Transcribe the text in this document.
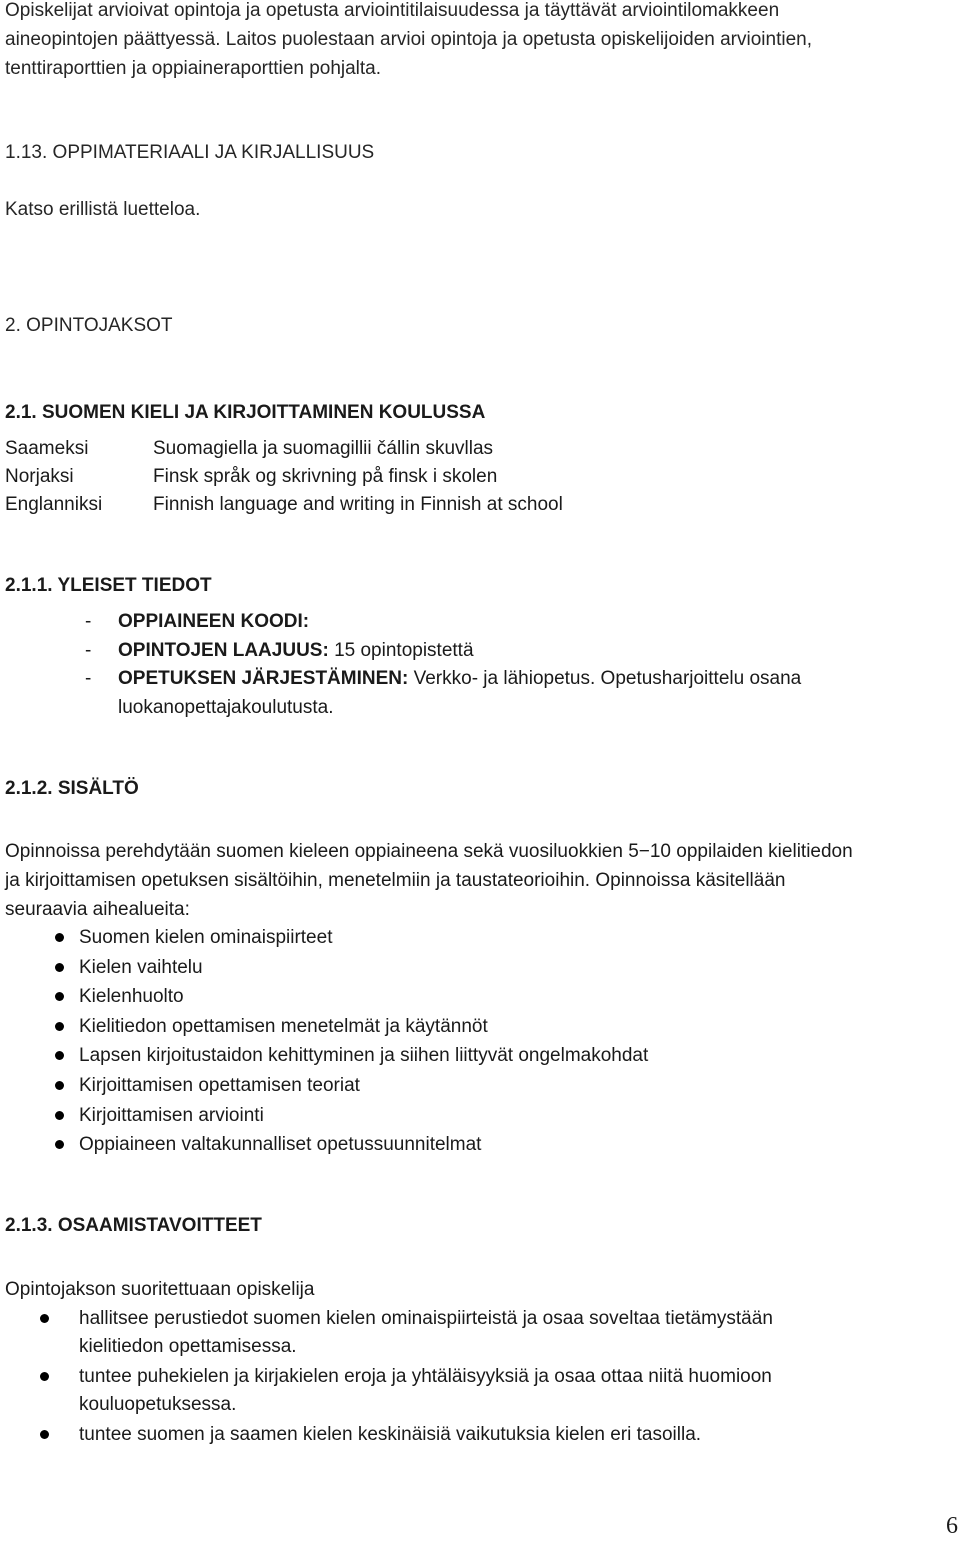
Opiskelijat arvioivat opintoja ja opetusta arviointitilaisuudessa ja täyttävät arviointilomakkeen
aineopintojen päättyessä. Laitos puolestaan arvioi opintoja ja opetusta opiskelijoiden arviointien,
tenttiraporttien ja oppiaineraporttien pohjalta.
1.13. OPPIMATERIAALI JA KIRJALLISUUS
Katso erillistä luetteloa.
2. OPINTOJAKSOT
2.1. SUOMEN KIELI JA KIRJOITTAMINEN KOULUSSA
Saameksi	Suomagiella ja suomagillii čállin skuvllas
Norjaksi	Finsk språk og skrivning på finsk i skolen
Englanniksi	Finnish language and writing in Finnish at school
2.1.1. YLEISET TIEDOT
- OPPIAINEEN KOODI:
- OPINTOJEN LAAJUUS: 15 opintopistettä
- OPETUKSEN JÄRJESTÄMINEN: Verkko- ja lähiopetus. Opetusharjoittelu osana luokanopettajakoulutusta.
2.1.2. SISÄLTÖ
Opinnoissa perehdytään suomen kieleen oppiaineena sekä vuosiluokkien 5−10 oppilaiden kielitiedon
ja kirjoittamisen opetuksen sisältöihin, menetelmiin ja taustateorioihin. Opinnoissa käsitellään
seuraavia aihealueita:
Suomen kielen ominaispiirteet
Kielen vaihtelu
Kielenhuolto
Kielitiedon opettamisen menetelmät ja käytännöt
Lapsen kirjoitustaidon kehittyminen ja siihen liittyvät ongelmakohdat
Kirjoittamisen opettamisen teoriat
Kirjoittamisen arviointi
Oppiaineen valtakunnalliset opetussuunnitelmat
2.1.3. OSAAMISTAVOITTEET
Opintojakson suoritettuaan opiskelija
hallitsee perustiedot suomen kielen ominaispiirteistä ja osaa soveltaa tietämystään
kielitiedon opettamisessa.
tuntee puhekielen ja kirjakielen eroja ja yhtäläisyyksiä ja osaa ottaa niitä huomioon
kouluopetuksessa.
tuntee suomen ja saamen kielen keskinäisiä vaikutuksia kielen eri tasoilla.
6
